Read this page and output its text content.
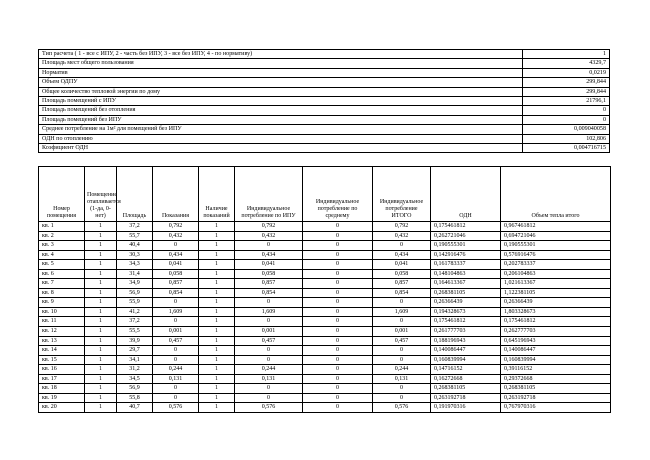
Тип расчета ( 1 - все с ИПУ, 2 - часть без ИПУ, 3 - все без ИПУ, 4 - по нормативу)	1
Площадь мест общего пользования	4329,7
Норматив	0,0219
Объем ОДПУ	299,844
Общее количество тепловой энергии по дому	299,844
Площадь помещений с ИПУ	21796,1
Площадь помещений без отопления	0
Площадь помещений без ИПУ	0
Среднее потребление на 1м² для помещений без ИПУ	0,009040058
ОДН по отоплению	102,806
Коэфициент ОДН	0,004716715
Номер помещения	Помещение отапливается (1-да, 0-нет)	Площадь	Показания	Наличие показаний	Индивидуальное потребление по ИПУ	Индивидуальное потребление по среднему	Индивидуальное потребление ИТОГО	ОДН	Объем тепла итого
кв. 1	1	37,2	0,792	1	0,792	0	0,792	0,175461812	0,967461812
кв. 2	1	55,7	0,432	1	0,432	0	0,432	0,262721046	0,694721046
кв. 3	1	40,4	0	1	0	0	0	0,190555301	0,190555301
кв. 4	1	30,3	0,434	1	0,434	0	0,434	0,142916476	0,576916476
кв. 5	1	34,3	0,041	1	0,041	0	0,041	0,161783337	0,202783337
кв. 6	1	31,4	0,058	1	0,058	0	0,058	0,148104863	0,206104863
кв. 7	1	34,9	0,857	1	0,857	0	0,857	0,164613367	1,021613367
кв. 8	1	56,9	0,854	1	0,854	0	0,854	0,268381105	1,122381105
кв. 9	1	55,9	0	1	0	0	0	0,26366439	0,26366439
кв. 10	1	41,2	1,609	1	1,609	0	1,609	0,194328673	1,803328673
кв. 11	1	37,2	0	1	0	0	0	0,175461812	0,175461812
кв. 12	1	55,5	0,001	1	0,001	0	0,001	0,261777703	0,262777703
кв. 13	1	39,9	0,457	1	0,457	0	0,457	0,188196943	0,645196943
кв. 14	1	29,7	0	1	0	0	0	0,140086447	0,140086447
кв. 15	1	34,1	0	1	0	0	0	0,160839994	0,160839994
кв. 16	1	31,2	0,244	1	0,244	0	0,244	0,14716152	0,39116152
кв. 17	1	34,5	0,131	1	0,131	0	0,131	0,16272668	0,29372668
кв. 18	1	56,9	0	1	0	0	0	0,268381105	0,268381105
кв. 19	1	55,8	0	1	0	0	0	0,263192718	0,263192718
кв. 20	1	40,7	0,576	1	0,576	0	0,576	0,191970316	0,767970316
